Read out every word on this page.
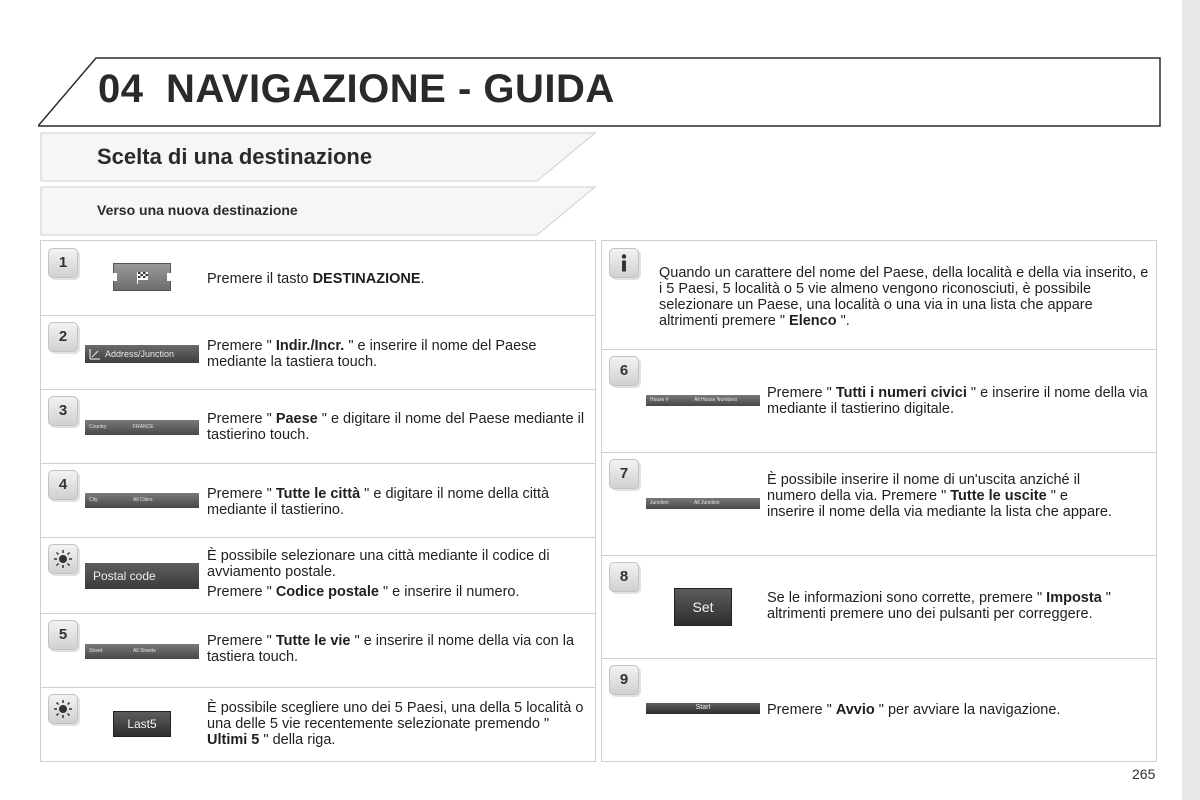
04 NAVIGAZIONE - GUIDA
Scelta di una destinazione
Verso una nuova destinazione
1
Premere il tasto DESTINAZIONE.
2
Address/Junction	Premere " Indir./Incr. " e inserire il nome del Paese mediante la tastiera touch.
3
Country	FRANCE	Premere " Paese " e digitare il nome del Paese mediante il tastierino touch.
4
City	All Cities	Premere " Tutte le città " e digitare il nome della città mediante il tastierino.
Postal code

È possibile selezionare una città mediante il codice di avviamento postale.

Premere " Codice postale " e inserire il numero.

5
Street	All Streets
Premere " Tutte le vie " e inserire il nome della via con la tastiera touch.
Last5
È possibile scegliere uno dei 5 Paesi, una della 5 località o una delle 5 vie recentemente selezionate premendo " Ultimi 5 " della riga.
Quando un carattere del nome del Paese, della località e della via inserito, e i 5 Paesi, 5 località o 5 vie almeno vengono riconosciuti, è possibile selezionare un Paese, una località o una via in una lista che appare altrimenti premere " Elenco ".
6
House #	All House Numbers Premere " Tutti i numeri civici " e inserire il nome della via mediante il tastierino digitale.
7
Junction	All Junction
È possibile inserire il nome di un'uscita anziché il numero della via. Premere " Tutte le uscite " e inserire il nome della via mediante la lista che appare.
8
Set
Se le informazioni sono corrette, premere " Imposta " altrimenti premere uno dei pulsanti per correggere.
9
Start	Premere " Avvio " per avviare la navigazione.
265
